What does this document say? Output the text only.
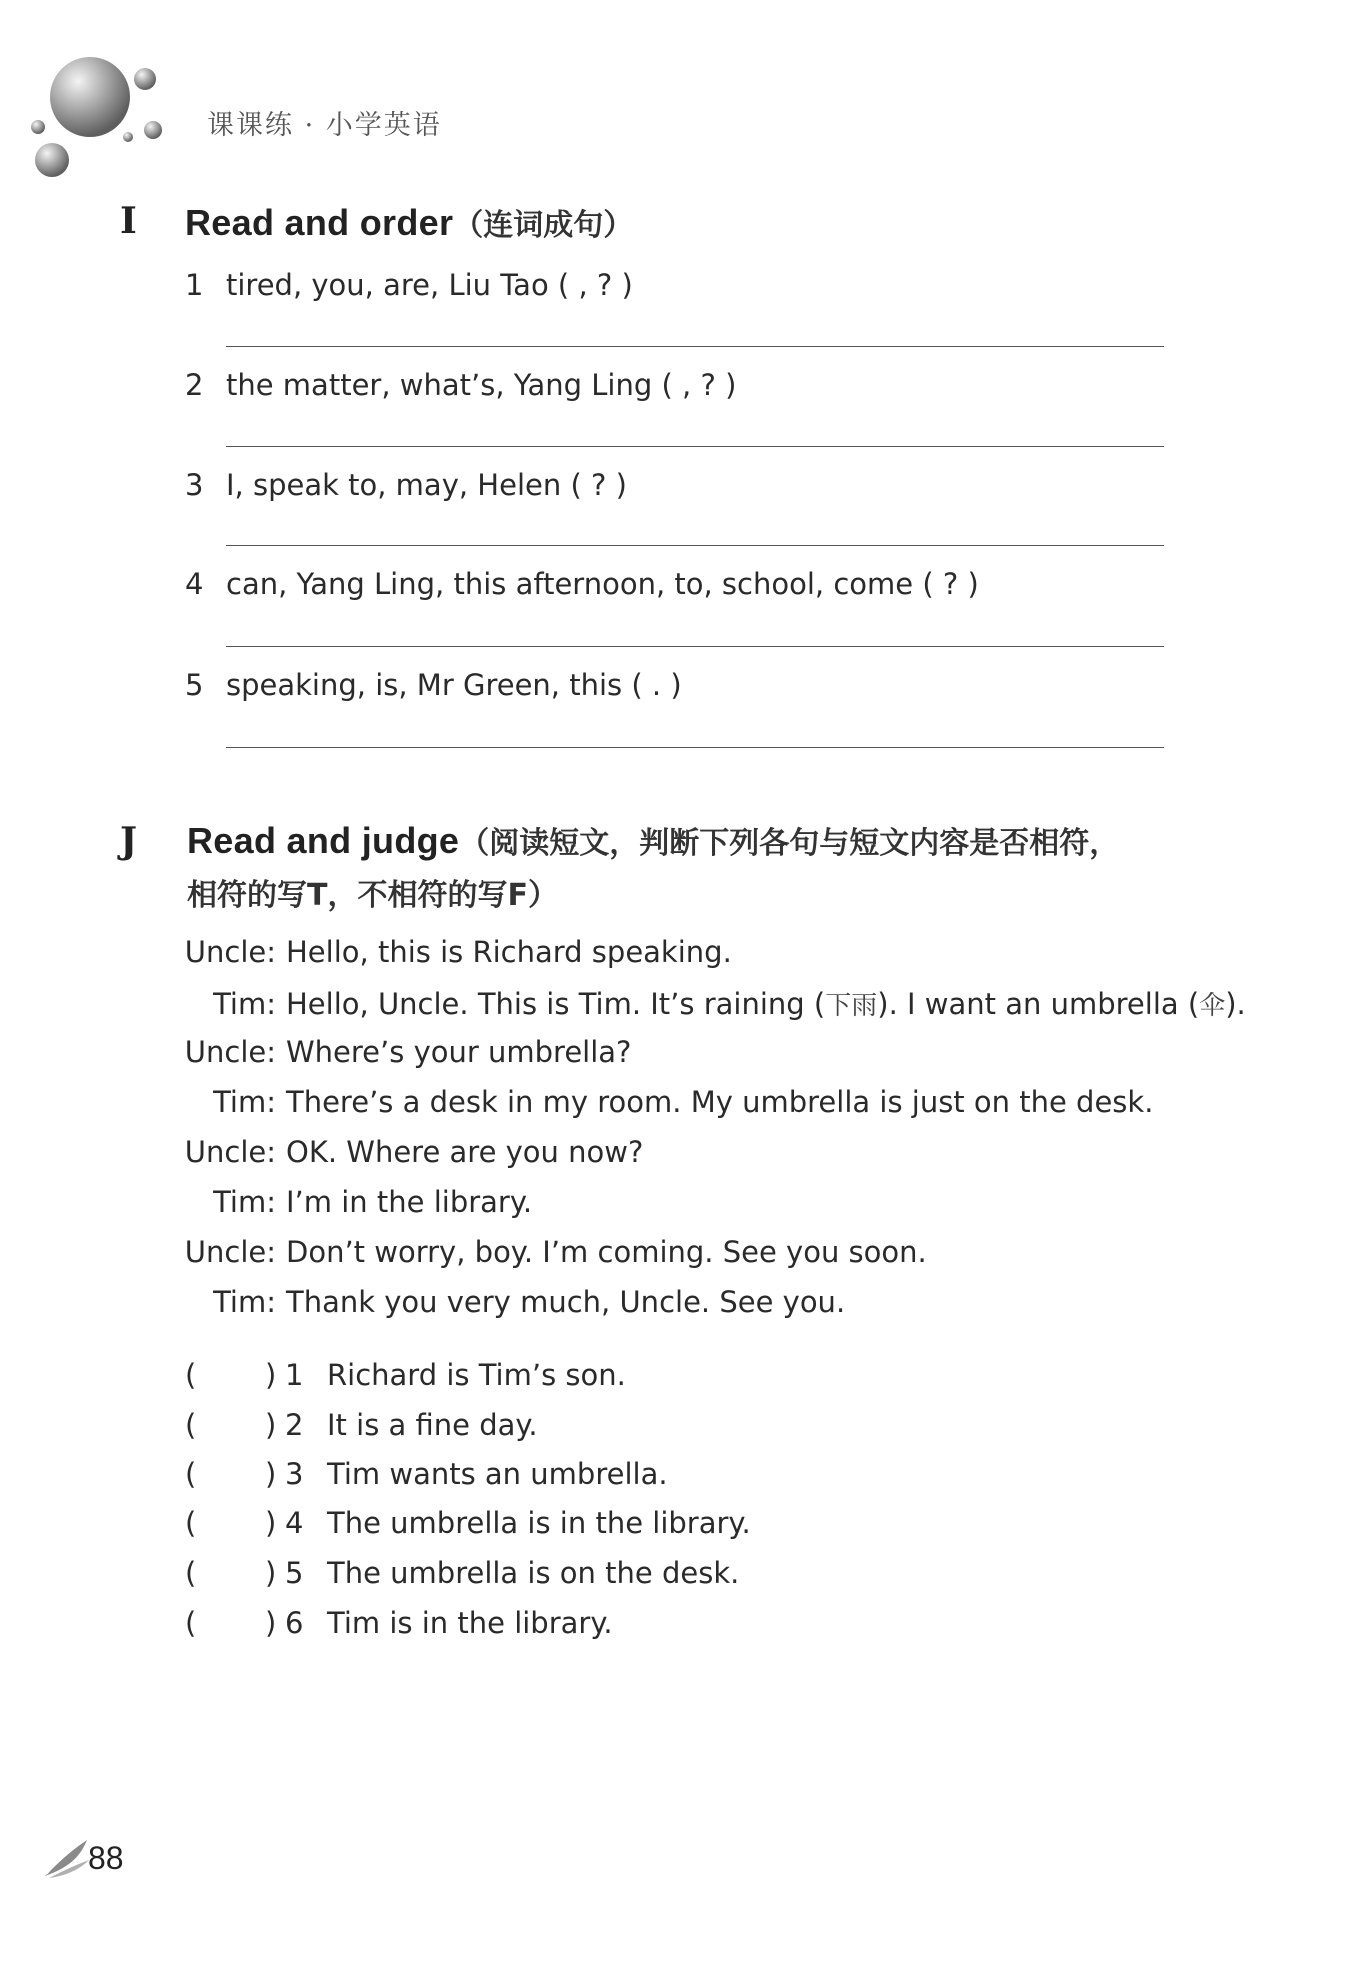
课课练 · 小学英语
I Read and order（连词成句）
1 tired, you, are, Liu Tao ( , ? )
2 the matter, what’s, Yang Ling ( , ? )
3 I, speak to, may, Helen ( ? )
4 can, Yang Ling, this afternoon, to, school, come ( ? )
5 speaking, is, Mr Green, this ( . )
J Read and judge（阅读短文，判断下列各句与短文内容是否相符，
相符的写T，不相符的写F）
Uncle: Hello, this is Richard speaking.
Tim: Hello, Uncle. This is Tim. It’s raining (下雨). I want an umbrella (伞).
Uncle: Where’s your umbrella?
Tim: There’s a desk in my room. My umbrella is just on the desk.
Uncle: OK. Where are you now?
Tim: I’m in the library.
Uncle: Don’t worry, boy. I’m coming. See you soon.
Tim: Thank you very much, Uncle. See you.
( ) 1 Richard is Tim’s son.
( ) 2 It is a fine day.
( ) 3 Tim wants an umbrella.
( ) 4 The umbrella is in the library.
( ) 5 The umbrella is on the desk.
( ) 6 Tim is in the library.
88
